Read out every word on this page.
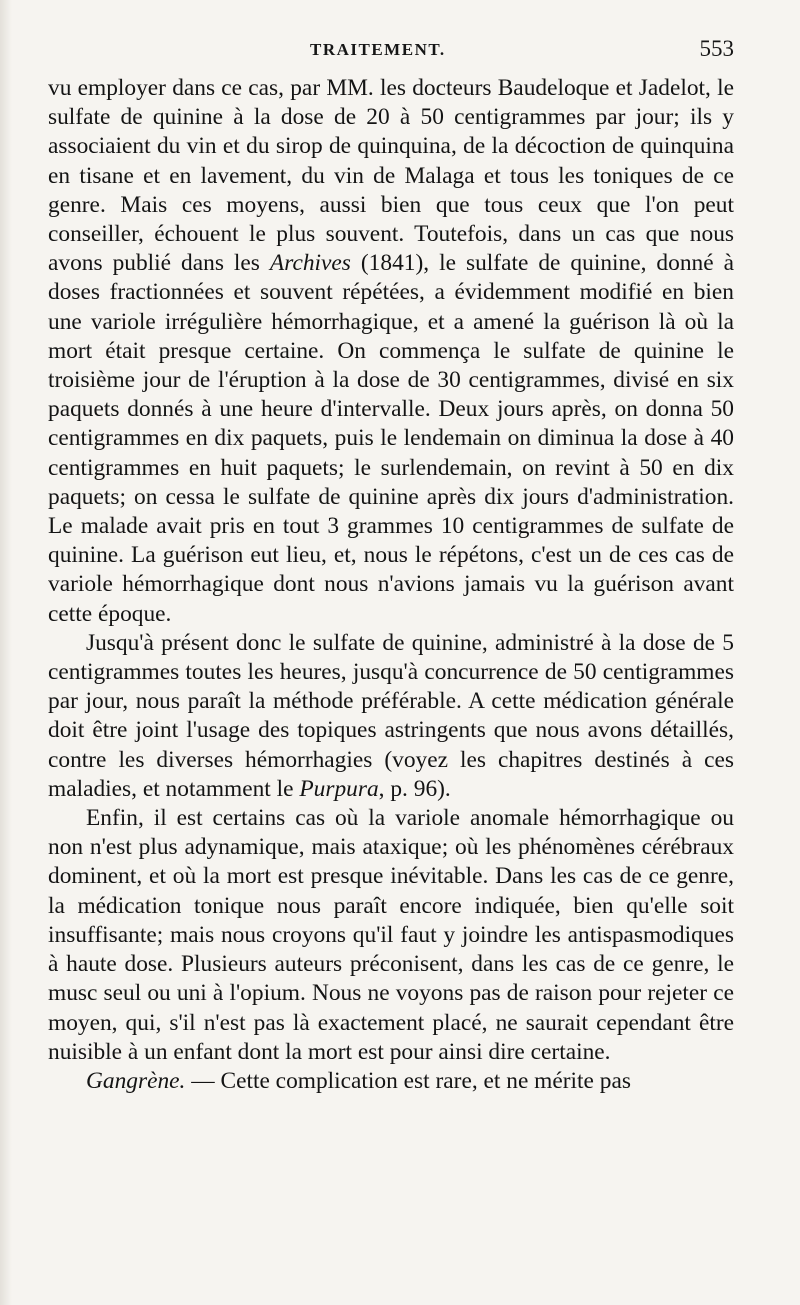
TRAITEMENT.	553

vu employer dans ce cas, par MM. les docteurs Baudeloque et Jadelot, le sulfate de quinine à la dose de 20 à 50 centigrammes par jour; ils y associaient du vin et du sirop de quinquina, de la décoction de quinquina en tisane et en lavement, du vin de Malaga et tous les toniques de ce genre. Mais ces moyens, aussi bien que tous ceux que l'on peut conseiller, échouent le plus souvent. Toutefois, dans un cas que nous avons publié dans les Archives (1841), le sulfate de quinine, donné à doses fractionnées et souvent répétées, a évidemment modifié en bien une variole irrégulière hémorrhagique, et a amené la guérison là où la mort était presque certaine. On commença le sulfate de quinine le troisième jour de l'éruption à la dose de 30 centigrammes, divisé en six paquets donnés à une heure d'intervalle. Deux jours après, on donna 50 centigrammes en dix paquets, puis le lendemain on diminua la dose à 40 centigrammes en huit paquets; le surlendemain, on revint à 50 en dix paquets; on cessa le sulfate de quinine après dix jours d'administration. Le malade avait pris en tout 3 grammes 10 centigrammes de sulfate de quinine. La guérison eut lieu, et, nous le répétons, c'est un de ces cas de variole hémorrhagique dont nous n'avions jamais vu la guérison avant cette époque.

Jusqu'à présent donc le sulfate de quinine, administré à la dose de 5 centigrammes toutes les heures, jusqu'à concurrence de 50 centigrammes par jour, nous paraît la méthode préférable. A cette médication générale doit être joint l'usage des topiques astringents que nous avons détaillés, contre les diverses hémorrhagies (voyez les chapitres destinés à ces maladies, et notamment le Purpura, p. 96).

Enfin, il est certains cas où la variole anomale hémorrhagique ou non n'est plus adynamique, mais ataxique; où les phénomènes cérébraux dominent, et où la mort est presque inévitable. Dans les cas de ce genre, la médication tonique nous paraît encore indiquée, bien qu'elle soit insuffisante; mais nous croyons qu'il faut y joindre les antispasmodiques à haute dose. Plusieurs auteurs préconisent, dans les cas de ce genre, le musc seul ou uni à l'opium. Nous ne voyons pas de raison pour rejeter ce moyen, qui, s'il n'est pas là exactement placé, ne saurait cependant être nuisible à un enfant dont la mort est pour ainsi dire certaine.

Gangrène. — Cette complication est rare, et ne mérite pas
